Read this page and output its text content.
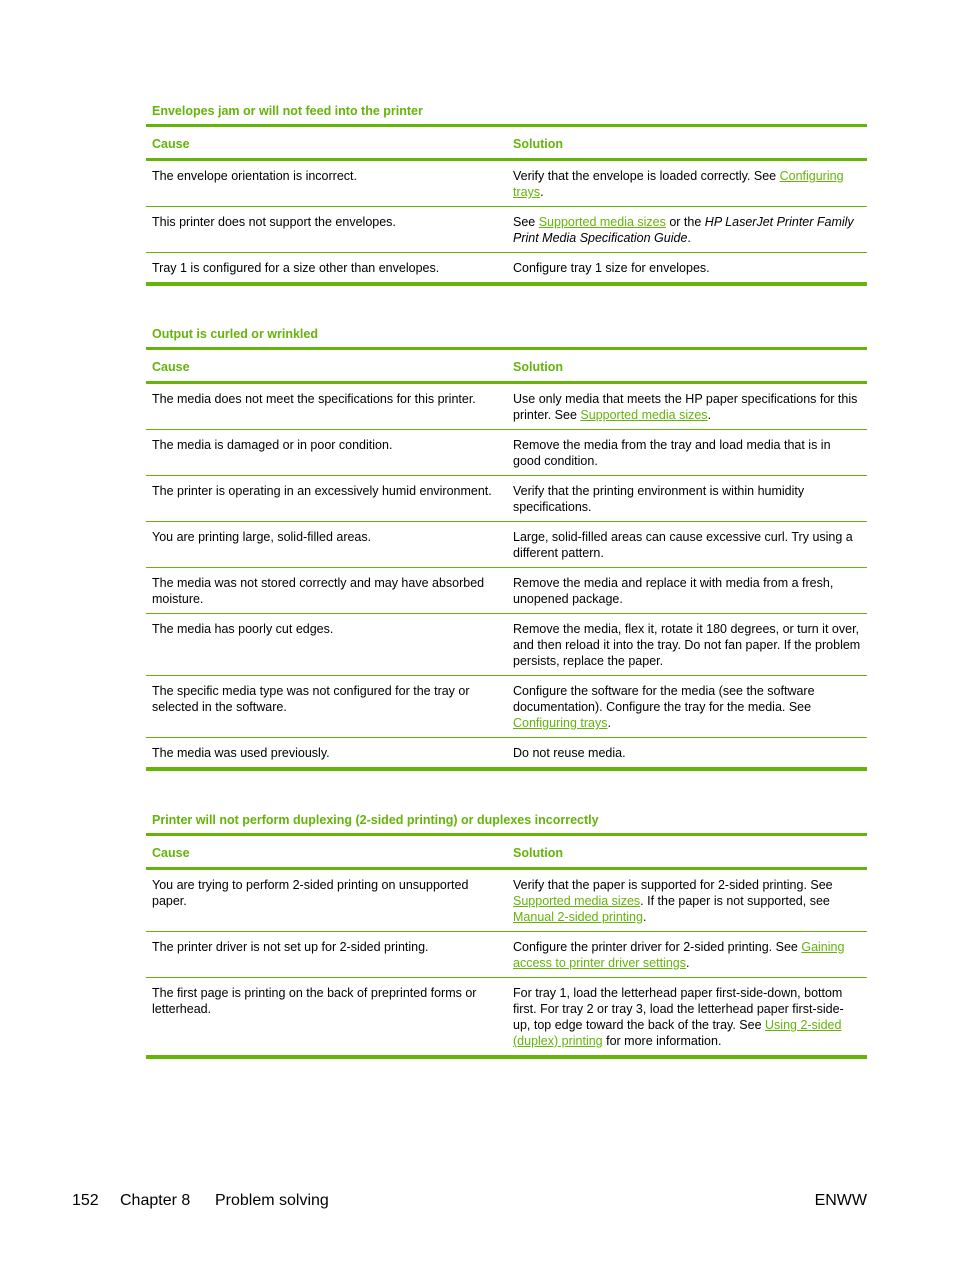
Envelopes jam or will not feed into the printer
Cause	Solution
The envelope orientation is incorrect.	Verify that the envelope is loaded correctly. See Configuring trays.
This printer does not support the envelopes.	See Supported media sizes or the HP LaserJet Printer Family Print Media Specification Guide.
Tray 1 is configured for a size other than envelopes.	Configure tray 1 size for envelopes.
Output is curled or wrinkled
Cause	Solution
The media does not meet the specifications for this printer.	Use only media that meets the HP paper specifications for this printer. See Supported media sizes.
The media is damaged or in poor condition.	Remove the media from the tray and load media that is in good condition.
The printer is operating in an excessively humid environment.	Verify that the printing environment is within humidity specifications.
You are printing large, solid-filled areas.	Large, solid-filled areas can cause excessive curl. Try using a different pattern.
The media was not stored correctly and may have absorbed moisture.	Remove the media and replace it with media from a fresh, unopened package.
The media has poorly cut edges.	Remove the media, flex it, rotate it 180 degrees, or turn it over, and then reload it into the tray. Do not fan paper. If the problem persists, replace the paper.
The specific media type was not configured for the tray or selected in the software.	Configure the software for the media (see the software documentation). Configure the tray for the media. See Configuring trays.
The media was used previously.	Do not reuse media.
Printer will not perform duplexing (2-sided printing) or duplexes incorrectly
Cause	Solution
You are trying to perform 2-sided printing on unsupported paper.	Verify that the paper is supported for 2-sided printing. See Supported media sizes. If the paper is not supported, see Manual 2-sided printing.
The printer driver is not set up for 2-sided printing.	Configure the printer driver for 2-sided printing. See Gaining access to printer driver settings.
The first page is printing on the back of preprinted forms or letterhead.	For tray 1, load the letterhead paper first-side-down, bottom first. For tray 2 or tray 3, load the letterhead paper first-side-up, top edge toward the back of the tray. See Using 2-sided (duplex) printing for more information.
152 Chapter 8 Problem solving	ENWW
